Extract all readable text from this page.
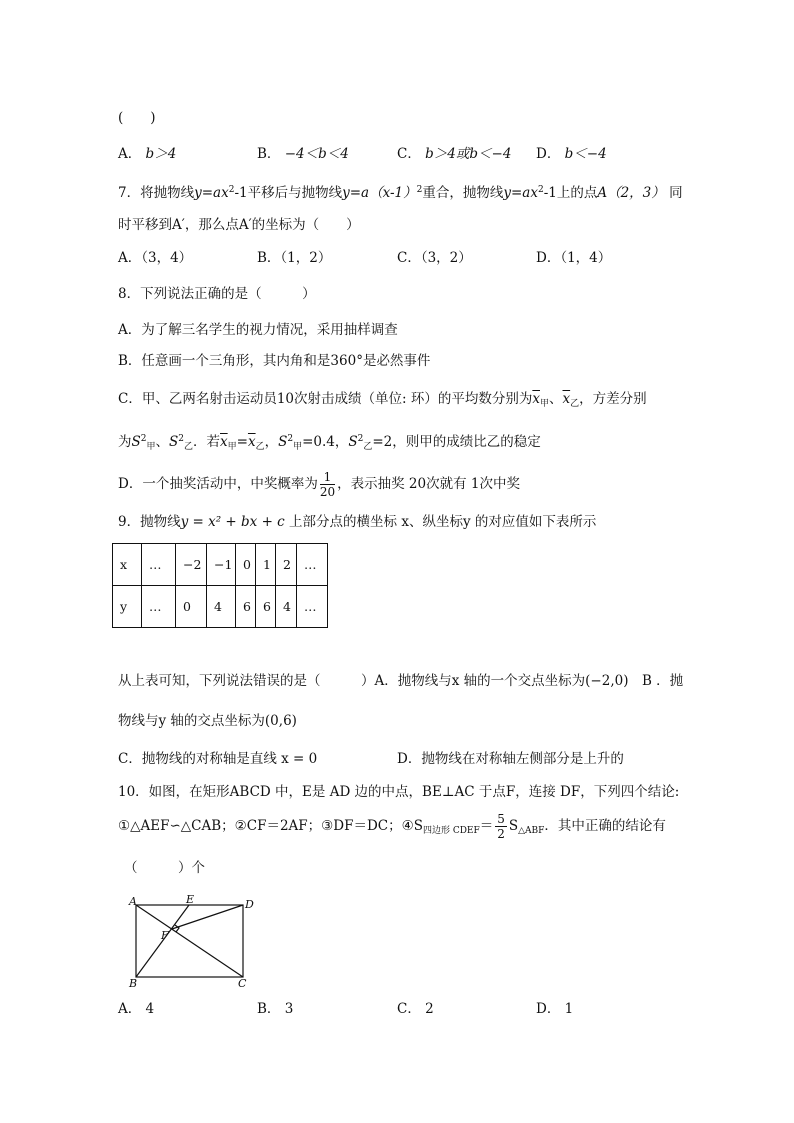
(　　)
A． b＞4	B． −4＜b＜4	C． b＞4或b＜−4 D． b＜−4
7．将抛物线$y=ax^2-1$平移后与抛物线$y=a(x-1)^2$重合，抛物线$y=ax^2-1$上的点A（2，3） 同
时平移到A′，那么点A′的坐标为（　　）
A．（3，4）	B．（1，2）	C．（3，2）	D．（1，4）
8．下列说法正确的是（　　　）
A．为了解三名学生的视力情况，采用抽样调查
B．任意画一个三角形，其内角和是360°是必然事件
C．甲、乙两名射击运动员10次射击成绩（单位: 环）的平均数分别为$\overline{x}_甲$、$\overline{x}_乙$，方差分别
为$S^2_甲$、$S^2_乙$．若$\overline{x}_甲=\overline{x}_乙$，$S^2_甲=0.4$，$S^2_乙=2$，则甲的成绩比乙的稳定
D．一个抽奖活动中，中奖概率为 $\frac{1}{20}$ ，表示抽奖 20次就有 1次中奖
9．抛物线y = x² + bx + c 上部分点的横坐标 x、纵坐标y 的对应值如下表所示
x	…	−2	−1	0	1	2	…
y	…	0	4	6	6	4	…
从上表可知，下列说法错误的是（　　　）A．抛物线与x 轴的一个交点坐标为(−2,0)　B ．抛
物线与y 轴的交点坐标为(0,6)
C．抛物线的对称轴是直线 x = 0	D．抛物线在对称轴左侧部分是上升的
10．如图，在矩形ABCD 中，E是 AD 边的中点，BE⊥AC 于点F，连接 DF，下列四个结论:
①△AEF∽△CAB；②CF＝2AF；③DF＝DC；$④S_{四边形 CDEF}= \frac{5}{2} S_{\triangle ABF}$．其中正确的结论有
（　　　）个
A	E	D
F
B	C
A． 4	B． 3	C． 2	D． 1
